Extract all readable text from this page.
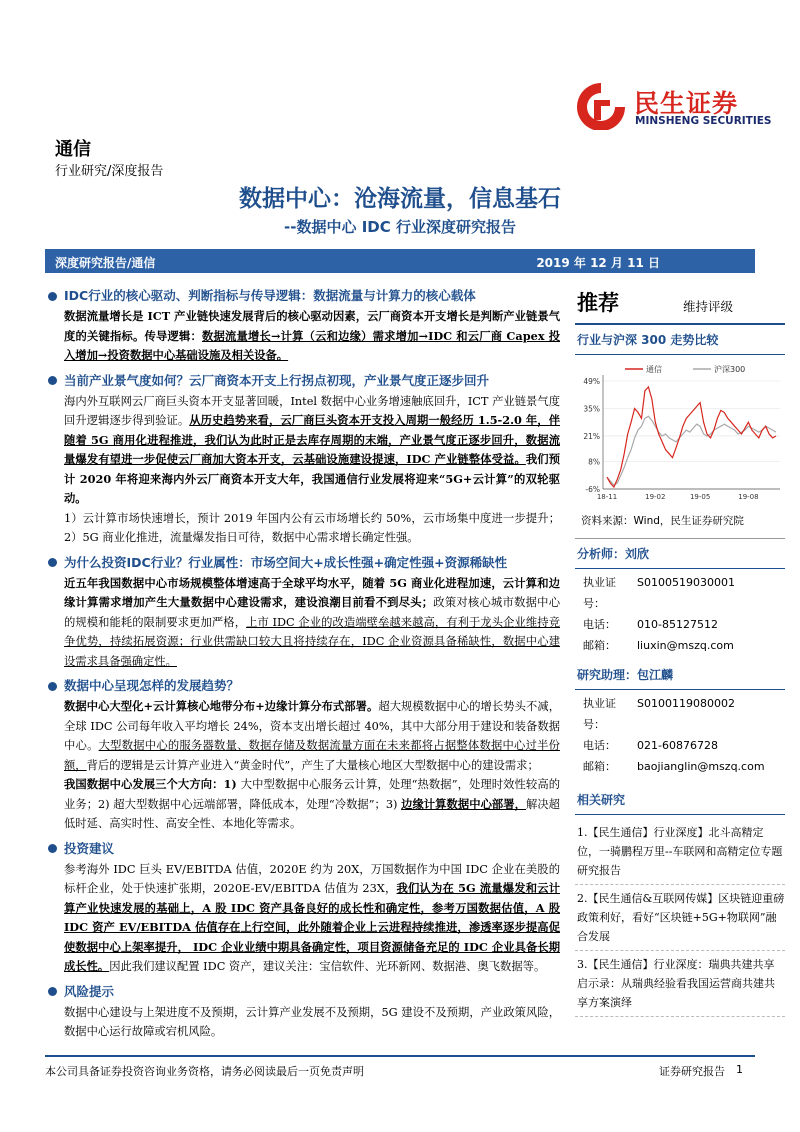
民生证券
MINSHENG SECURITIES
通信
行业研究/深度报告
数据中心：沧海流量，信息基石
--数据中心 IDC 行业深度研究报告
深度研究报告/通信	2019 年 12 月 11 日
IDC行业的核心驱动、判断指标与传导逻辑：数据流量与计算力的核心载体
数据流量增长是 ICT 产业链快速发展背后的核心驱动因素，云厂商资本开支增长是判断产业链景气度的关键指标。传导逻辑：数据流量增长→计算（云和边缘）需求增加→IDC 和云厂商 Capex 投入增加→投资数据中心基础设施及相关设备。
当前产业景气度如何？云厂商资本开支上行拐点初现，产业景气度正逐步回升
海内外互联网云厂商巨头资本开支显著回暖，Intel 数据中心业务增速触底回升，ICT 产业链景气度回升逻辑逐步得到验证。从历史趋势来看，云厂商巨头资本开支投入周期一般经历 1.5-2.0 年，伴随着 5G 商用化进程推进，我们认为此时正是去库存周期的末端，产业景气度正逐步回升，数据流量爆发有望进一步促使云厂商加大资本开支，云基础设施建设提速，IDC 产业链整体受益。我们预计 2020 年将迎来海内外云厂商资本开支大年，我国通信行业发展将迎来“5G+云计算”的双轮驱动。
1）云计算市场快速增长，预计 2019 年国内公有云市场增长约 50%，云市场集中度进一步提升；2）5G 商业化推进，流量爆发指日可待，数据中心需求增长确定性强。
为什么投资IDC行业？行业属性：市场空间大+成长性强+确定性强+资源稀缺性
近五年我国数据中心市场规模整体增速高于全球平均水平，随着 5G 商业化进程加速，云计算和边缘计算需求增加产生大量数据中心建设需求，建设浪潮目前看不到尽头；政策对核心城市数据中心的规模和能耗的限制要求更加严格，上市 IDC 企业的改造端壁垒越来越高，有利于龙头企业维持竞争优势，持续拓展资源；行业供需缺口较大且将持续存在，IDC 企业资源具备稀缺性，数据中心建设需求具备强确定性。
数据中心呈现怎样的发展趋势？
数据中心大型化+云计算核心地带分布+边缘计算分布式部署。超大规模数据中心的增长势头不减，全球 IDC 公司每年收入平均增长 24%，资本支出增长超过 40%，其中大部分用于建设和装备数据中心。大型数据中心的服务器数量、数据存储及数据流量方面在未来都将占据整体数据中心过半份额，背后的逻辑是云计算产业进入“黄金时代”，产生了大量核心地区大型数据中心的建设需求；
我国数据中心发展三个大方向：1) 大中型数据中心服务云计算，处理“热数据”，处理时效性较高的业务；2) 超大型数据中心远端部署，降低成本，处理“冷数据”；3) 边缘计算数据中心部署，解决超低时延、高实时性、高安全性、本地化等需求。
投资建议
参考海外 IDC 巨头 EV/EBITDA 估值，2020E 约为 20X，万国数据作为中国 IDC 企业在美股的标杆企业，处于快速扩张期，2020E-EV/EBITDA 估值为 23X，我们认为在 5G 流量爆发和云计算产业快速发展的基础上，A 股 IDC 资产具备良好的成长性和确定性，参考万国数据估值，A 股 IDC 资产 EV/EBITDA 估值存在上行空间，此外随着企业上云进程持续推进，渗透率逐步提高促使数据中心上架率提升， IDC 企业业绩中期具备确定性，项目资源储备充足的 IDC 企业具备长期成长性。因此我们建议配置 IDC 资产，建议关注：宝信软件、光环新网、数据港、奥飞数据等。
风险提示
数据中心建设与上架进度不及预期，云计算产业发展不及预期，5G 建设不及预期，产业政策风险，数据中心运行故障或宕机风险。
推荐	维持评级
行业与沪深 300 走势比较
通信	沪深300
49%
35%
21%
8%
-6%
18-11	19-02	19-05	19-08
资料来源：Wind，民生证券研究院
分析师：刘欣
执业证号：
S0100519030001
电话：	010-85127512
邮箱：	liuxin@mszq.com
研究助理：包江麟
执业证号：
S0100119080002
电话：	021-60876728
邮箱：	baojianglin@mszq.com
相关研究
1.【民生通信】行业深度】北斗高精定位，一骑鹏程万里--车联网和高精定位专题研究报告
2.【民生通信&互联网传媒】区块链迎重磅政策利好，看好“区块链+5G+物联网”融合发展
3.【民生通信】行业深度：瑞典共建共享启示录：从瑞典经验看我国运营商共建共享方案演绎
本公司具备证券投资咨询业务资格，请务必阅读最后一页免责声明	证券研究报告 1
